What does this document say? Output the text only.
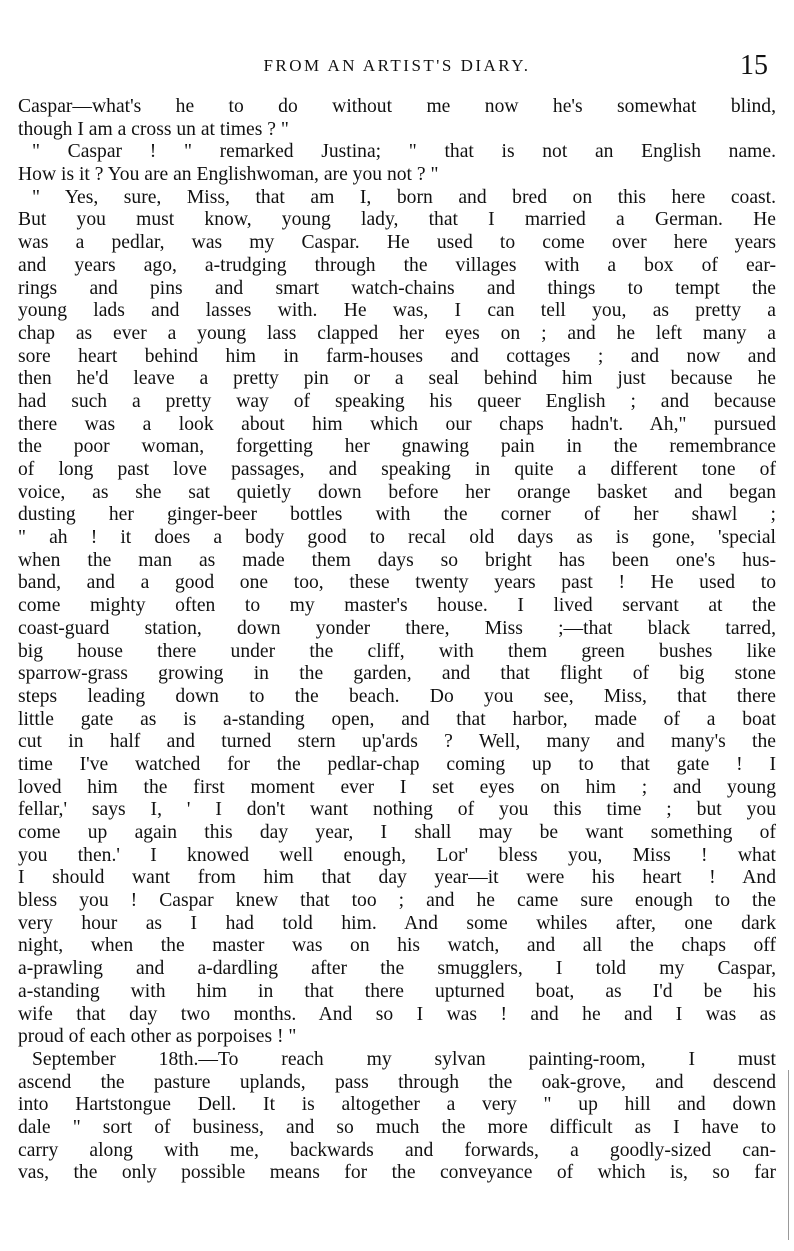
FROM AN ARTIST'S DIARY.	15
Caspar—what's he to do without me now he's somewhat blind,
though I am a cross un at times ? "
" Caspar ! " remarked Justina; " that is not an English name.
How is it ? You are an Englishwoman, are you not ? "
" Yes, sure, Miss, that am I, born and bred on this here coast.
But you must know, young lady, that I married a German. He
was a pedlar, was my Caspar. He used to come over here years
and years ago, a-trudging through the villages with a box of ear-
rings and pins and smart watch-chains and things to tempt the
young lads and lasses with. He was, I can tell you, as pretty a
chap as ever a young lass clapped her eyes on ; and he left many a
sore heart behind him in farm-houses and cottages ; and now and
then he'd leave a pretty pin or a seal behind him just because he
had such a pretty way of speaking his queer English ; and because
there was a look about him which our chaps hadn't. Ah," pursued
the poor woman, forgetting her gnawing pain in the remembrance
of long past love passages, and speaking in quite a different tone of
voice, as she sat quietly down before her orange basket and began
dusting her ginger-beer bottles with the corner of her shawl ;
" ah ! it does a body good to recal old days as is gone, 'special
when the man as made them days so bright has been one's hus-
band, and a good one too, these twenty years past ! He used to
come mighty often to my master's house. I lived servant at the
coast-guard station, down yonder there, Miss ;—that black tarred,
big house there under the cliff, with them green bushes like
sparrow-grass growing in the garden, and that flight of big stone
steps leading down to the beach. Do you see, Miss, that there
little gate as is a-standing open, and that harbor, made of a boat
cut in half and turned stern up'ards ? Well, many and many's the
time I've watched for the pedlar-chap coming up to that gate ! I
loved him the first moment ever I set eyes on him ; and young
fellar,' says I, ' I don't want nothing of you this time ; but you
come up again this day year, I shall may be want something of
you then.' I knowed well enough, Lor' bless you, Miss ! what
I should want from him that day year—it were his heart ! And
bless you ! Caspar knew that too ; and he came sure enough to the
very hour as I had told him. And some whiles after, one dark
night, when the master was on his watch, and all the chaps off
a-prawling and a-dardling after the smugglers, I told my Caspar,
a-standing with him in that there upturned boat, as I'd be his
wife that day two months. And so I was ! and he and I was as
proud of each other as porpoises ! "
September 18th.—To reach my sylvan painting-room, I must
ascend the pasture uplands, pass through the oak-grove, and descend
into Hartstongue Dell. It is altogether a very " up hill and down
dale " sort of business, and so much the more difficult as I have to
carry along with me, backwards and forwards, a goodly-sized can-
vas, the only possible means for the conveyance of which is, so far
